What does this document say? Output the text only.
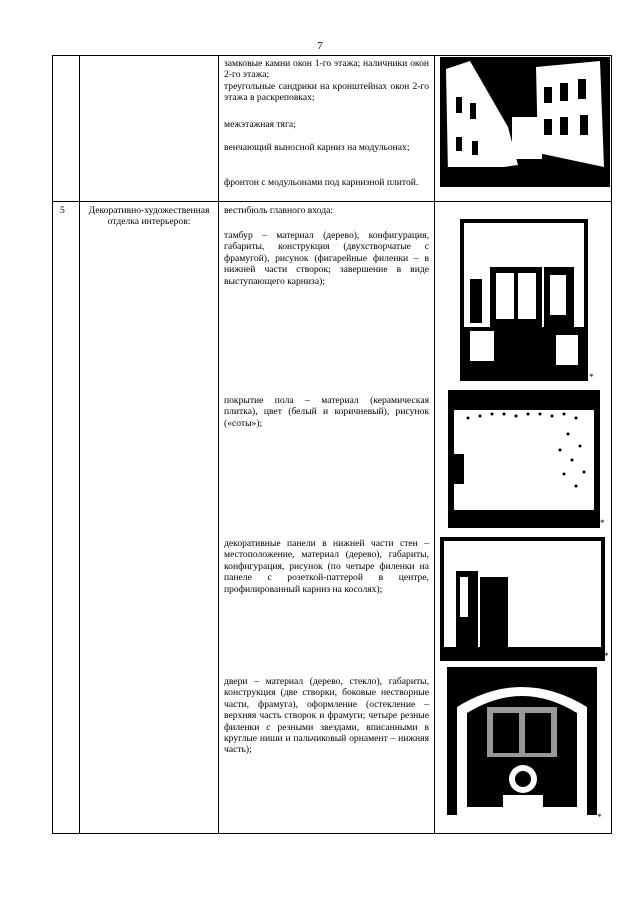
7
замковые камни окон 1-го этажа; наличники окон 2-го этажа;
треугольные сандрики на кронштейнах окон 2-го этажа в раскреповках;
межэтажная тяга;
венчающий выносной карниз на модульонах;
фронтон с модульонами под карнизной плитой.
5	Декоративно-художественная отделка интерьеров:
вестибюль главного входа:
тамбур – материал (дерево), конфигурация, габариты, конструкция (двухстворчатые с фрамугой), рисунок (фигарейные филенки – в нижней части створок; завершение в виде выступающего карниза);
покрытие пола – материал (керамическая плитка), цвет (белый и коричневый), рисунок («соты»);
декоративные панели в нижней части стен – местоположение, материал (дерево), габариты, конфигурация, рисунок (по четыре филенки на панеле с розеткой-паттерой в центре, профилированный карниз на косолях);
двери – материал (дерево, стекло), габариты, конструкция (две створки, боковые нестворные части, фрамуга), оформление (остекление – верхняя часть створок и фрамуги; четыре резные филенки с резными звездами, вписанными в круглые ниши и пальчиковый орнамент – нижняя часть);
*
*
*
*
